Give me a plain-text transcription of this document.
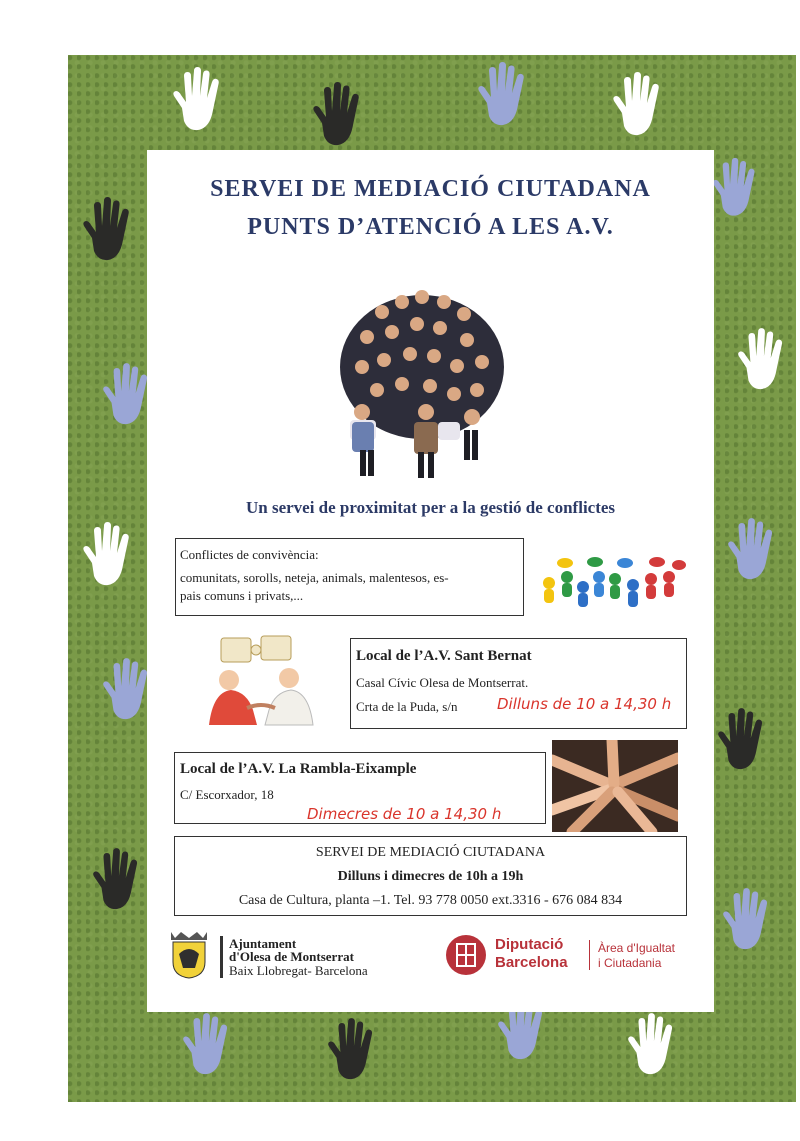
SERVEI DE MEDIACIÓ CIUTADANA
PUNTS D’ATENCIÓ A LES A.V.
Un servei de proximitat per a la gestió de conflictes
Conflictes de convivència:
comunitats, sorolls, neteja, animals, malentesos, es-
pais comuns i privats,...
Local de l’A.V. Sant Bernat
Casal Cívic Olesa de Montserrat.
Crta de la Puda, s/n	Dilluns de 10 a 14,30 h
Local de l’A.V. La Rambla-Eixample
C/ Escorxador, 18
Dimecres de 10 a 14,30 h
SERVEI DE MEDIACIÓ CIUTADANA
Dilluns i dimecres de 10h a 19h
Casa de Cultura, planta –1. Tel. 93 778 0050 ext.3316 - 676 084 834
Ajuntament
d'Olesa de Montserrat
Baix Llobregat- Barcelona
Diputació
Barcelona
Àrea d'Igualtat
i Ciutadania
